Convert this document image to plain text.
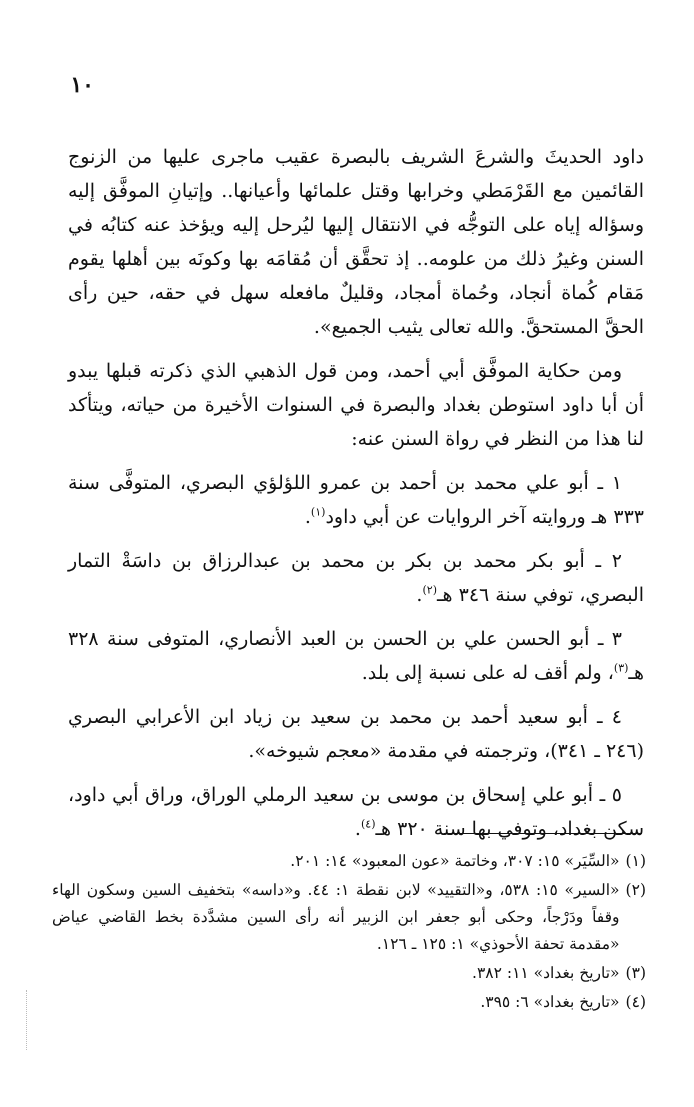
١٠

داود الحديثَ والشرعَ الشريف بالبصرة عقيب ماجرى عليها من الزنوج القائمين مع القَرْمَطي وخرابها وقتل علمائها وأعيانها.. وإتيانِ الموفَّق إليه وسؤاله إياه على التوجُّه في الانتقال إليها ليُرحل إليه ويؤخذ عنه كتابُه في السنن وغيرُ ذلك من علومه.. إذ تحقَّق أن مُقامَه بها وكونَه بين أهلها يقوم مَقام كُماة أنجاد، وحُماة أمجاد، وقليلٌ مافعله سهل في حقه، حين رأى الحقَّ المستحقَّ. والله تعالى يثيب الجميع».

ومن حكاية الموفَّق أبي أحمد، ومن قول الذهبي الذي ذكرته قبلها يبدو أن أبا داود استوطن بغداد والبصرة في السنوات الأخيرة من حياته، ويتأكد لنا هذا من النظر في رواة السنن عنه:

١ ـ أبو علي محمد بن أحمد بن عمرو اللؤلؤي البصري، المتوفَّى سنة ٣٣٣ هـ وروايته آخر الروايات عن أبي داود$^{(١)}$.

٢ ـ أبو بكر محمد بن بكر بن محمد بن عبدالرزاق بن داسَةْ التمار البصري، توفي سنة ٣٤٦ هـ$^{(٢)}$.

٣ ـ أبو الحسن علي بن الحسن بن العبد الأنصاري، المتوفى سنة ٣٢٨ هـ$^{(٣)}$، ولم أقف له على نسبة إلى بلد.

٤ ـ أبو سعيد أحمد بن محمد بن سعيد بن زياد ابن الأعرابي البصري (٢٤٦ ـ ٣٤١)، وترجمته في مقدمة «معجم شيوخه».

٥ ـ أبو علي إسحاق بن موسى بن سعيد الرملي الوراق، وراق أبي داود، سكن بغداد، وتوفي بها سنة ٣٢٠ هـ$^{(٤)}$.

(١)
«السِّيَر» ١٥: ٣٠٧، وخاتمة «عون المعبود» ١٤: ٢٠١.
(٢)
«السير» ١٥: ٥٣٨، و«التقييد» لابن نقطة ١: ٤٤. و«داسه» بتخفيف السين وسكون الهاء وقفاً ودَرْجاً، وحكى أبو جعفر ابن الزبير أنه رأى السين مشدَّدة بخط القاضي عياض «مقدمة تحفة الأحوذي» ١: ١٢٥ ـ ١٢٦.
(٣)
«تاريخ بغداد» ١١: ٣٨٢.
(٤)
«تاريخ بغداد» ٦: ٣٩٥.
